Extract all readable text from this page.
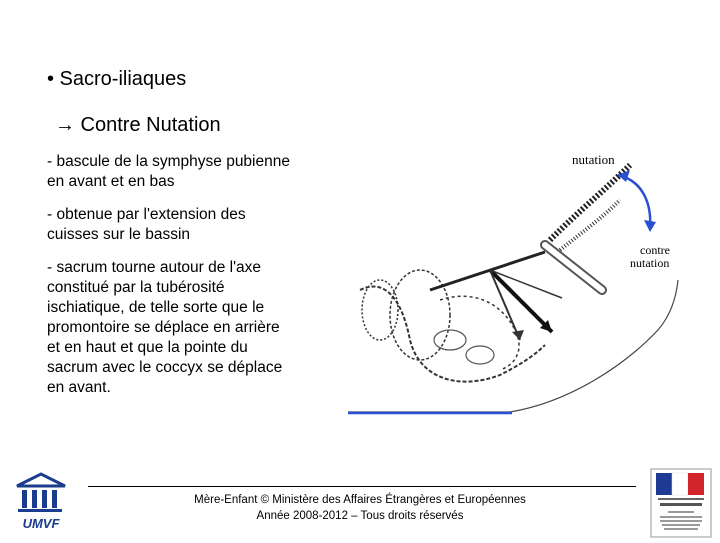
• Sacro-iliaques
→ Contre Nutation
- bascule de la symphyse pubienne
en avant et en bas
- obtenue par l'extension des
cuisses sur le bassin
- sacrum tourne autour de l'axe
constitué par la tubérosité
ischiatique, de telle sorte que le
promontoire se déplace en arrière
et en haut et que la pointe du
sacrum avec le coccyx se déplace
en avant.
nutation
contre
nutation
UMVF
Mère-Enfant © Ministère des Affaires Étrangères et Européennes
Année 2008-2012 – Tous droits réservés
